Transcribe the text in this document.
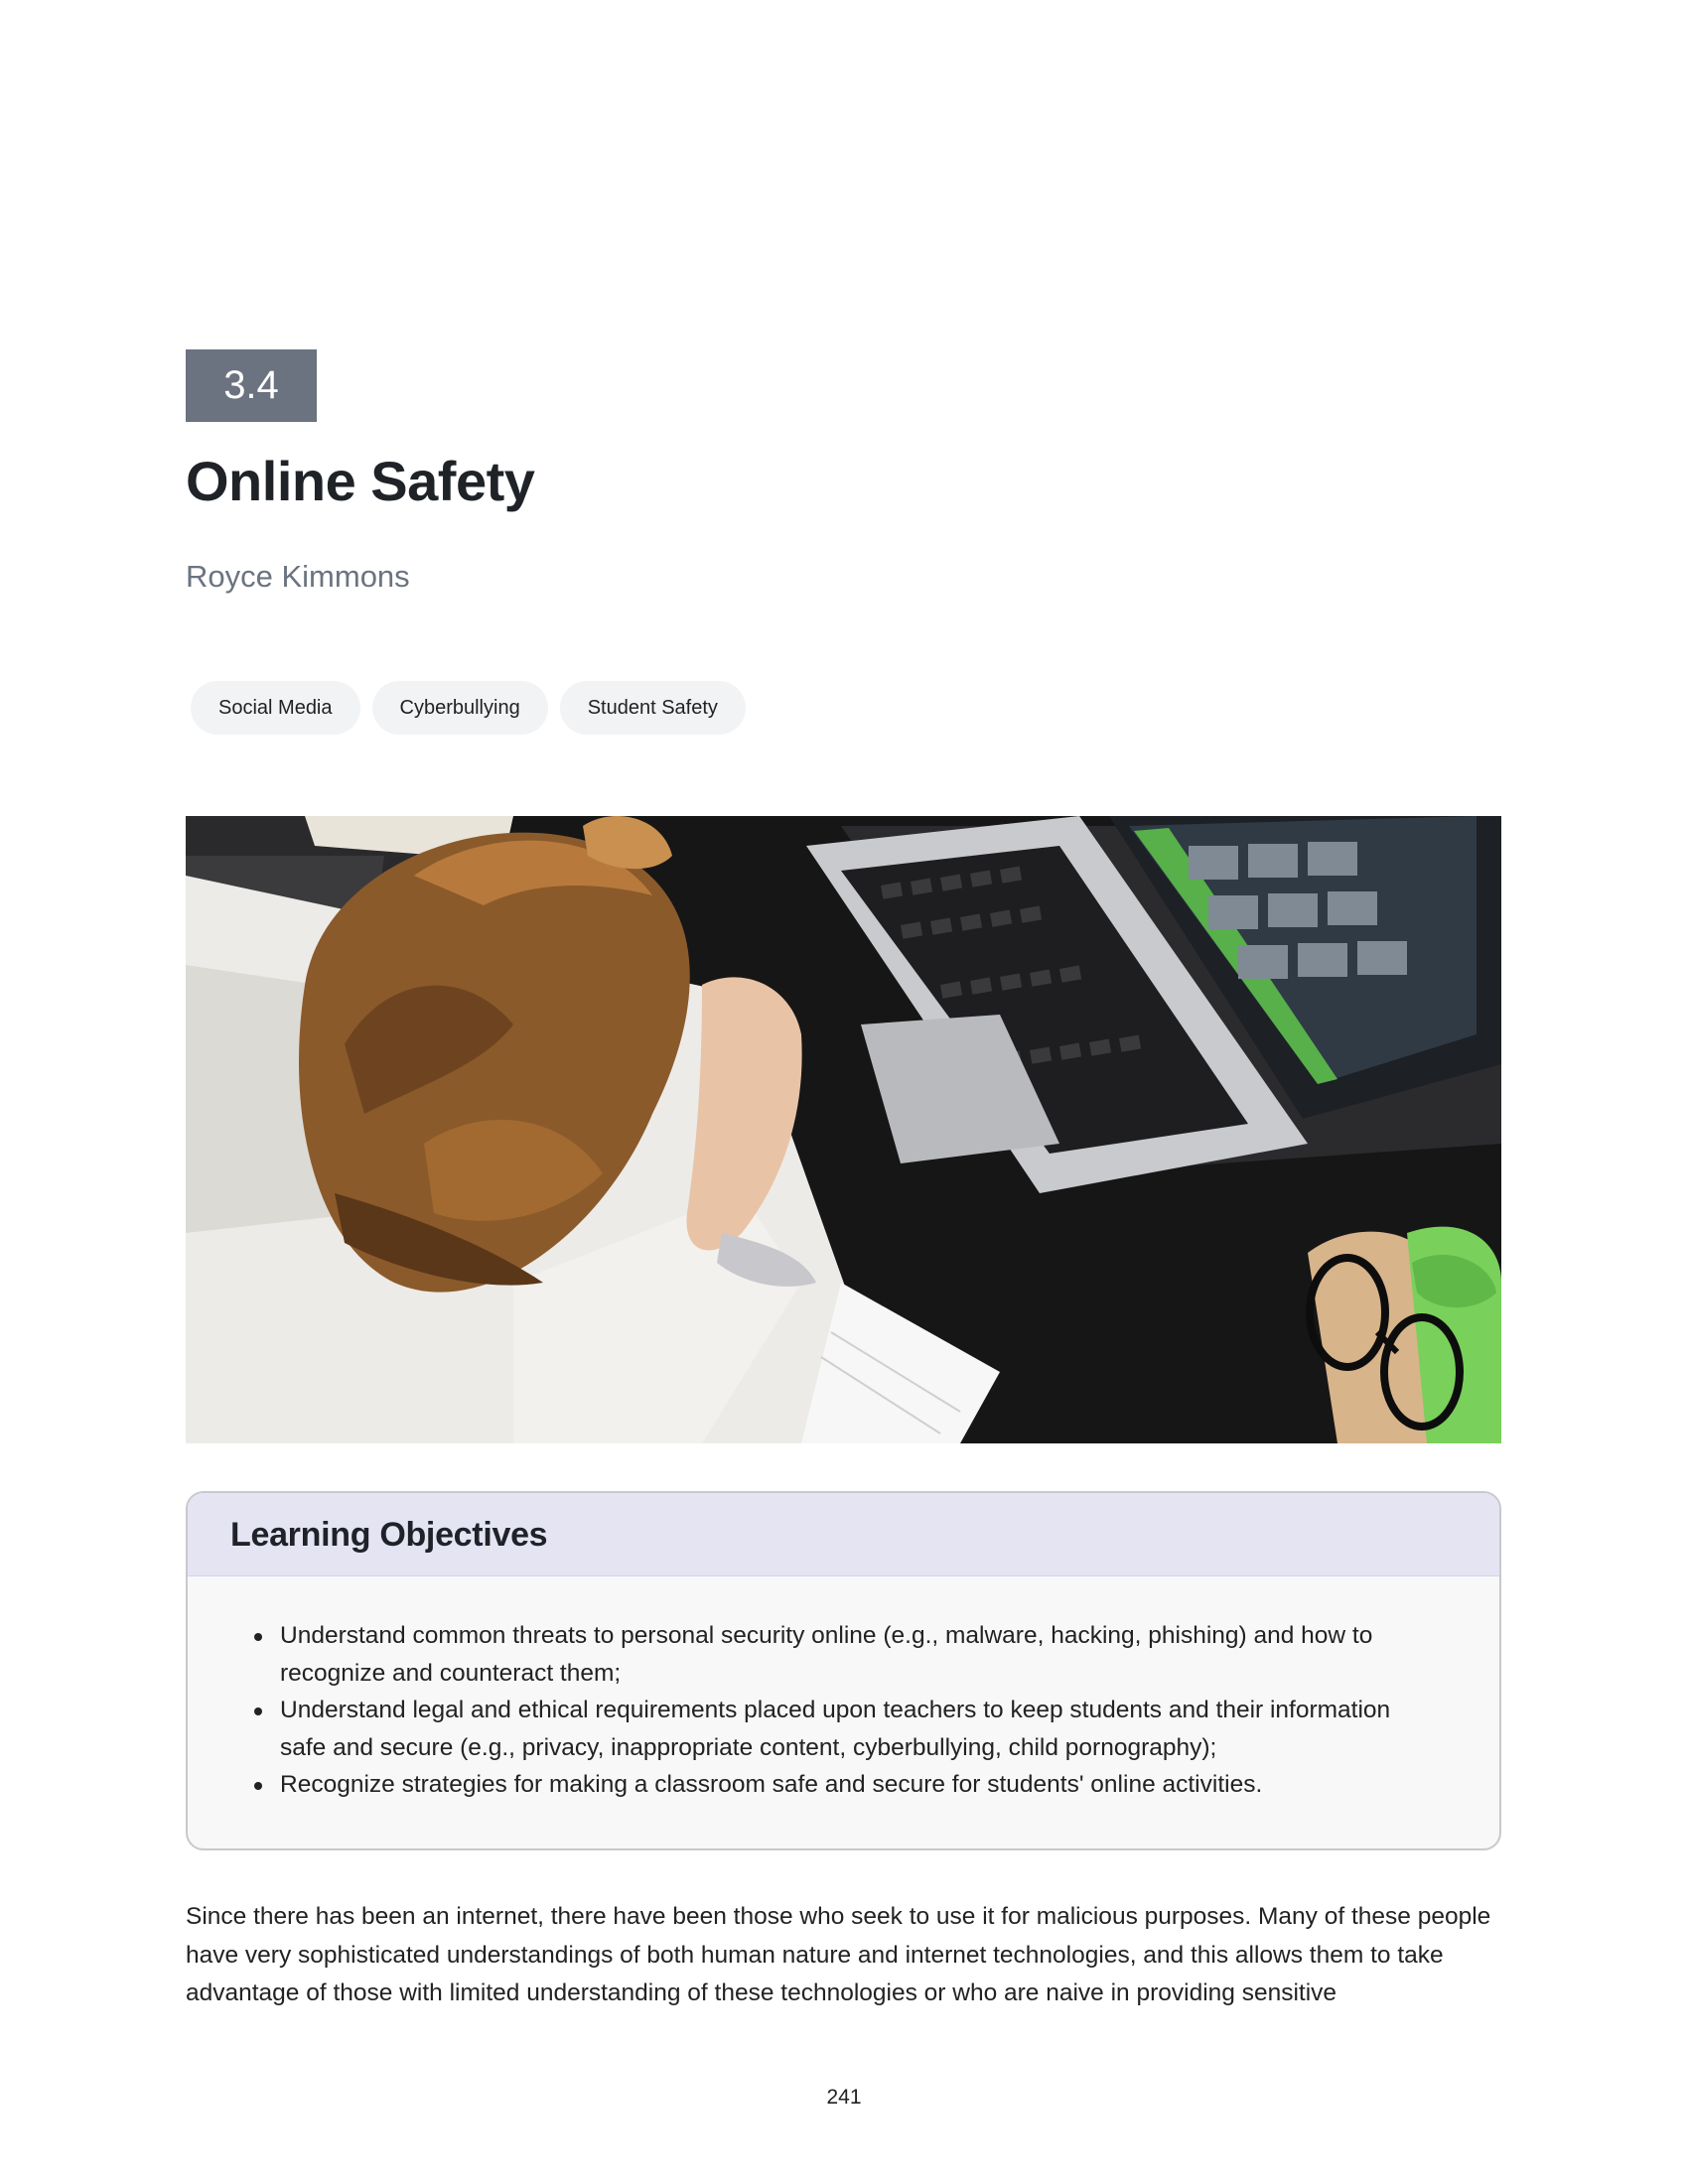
3.4
Online Safety
Royce Kimmons
Social Media	Cyberbullying	Student Safety
Learning Objectives
Understand common threats to personal security online (e.g., malware, hacking, phishing) and how to recognize and counteract them;
Understand legal and ethical requirements placed upon teachers to keep students and their information safe and secure (e.g., privacy, inappropriate content, cyberbullying, child pornography);
Recognize strategies for making a classroom safe and secure for students' online activities.

Since there has been an internet, there have been those who seek to use it for malicious purposes. Many of these people have very sophisticated understandings of both human nature and internet technologies, and this allows them to take advantage of those with limited understanding of these technologies or who are naive in providing sensitive

241
